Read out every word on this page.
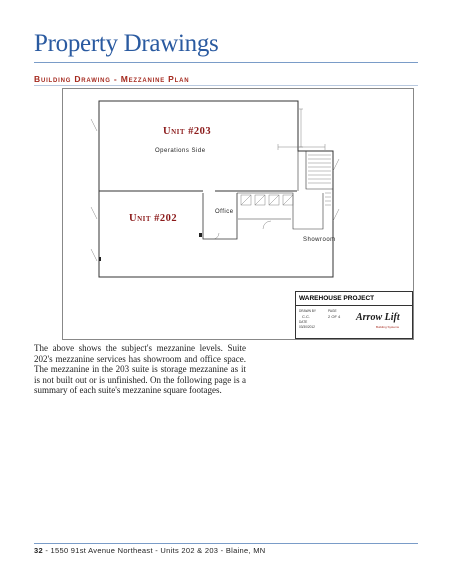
Property Drawings
Building Drawing - Mezzanine Plan
Unit #203
Operations Side
Unit #202
Office
Showroom
WAREHOUSE PROJECT
DRAWN BY
C.C.
DATE
03/30/2012
PAGE
2 OF 4 Arrow Lift
Building Systems
The above shows the subject's mezzanine levels. Suite 202's mezzanine services has showroom and office space. The mezzanine in the 203 suite is storage mezzanine as it is not built out or is unfinished. On the following page is a summary of each suite's mezzanine square footages.
32 - 1550 91st Avenue Northeast - Units 202 & 203 - Blaine, MN
